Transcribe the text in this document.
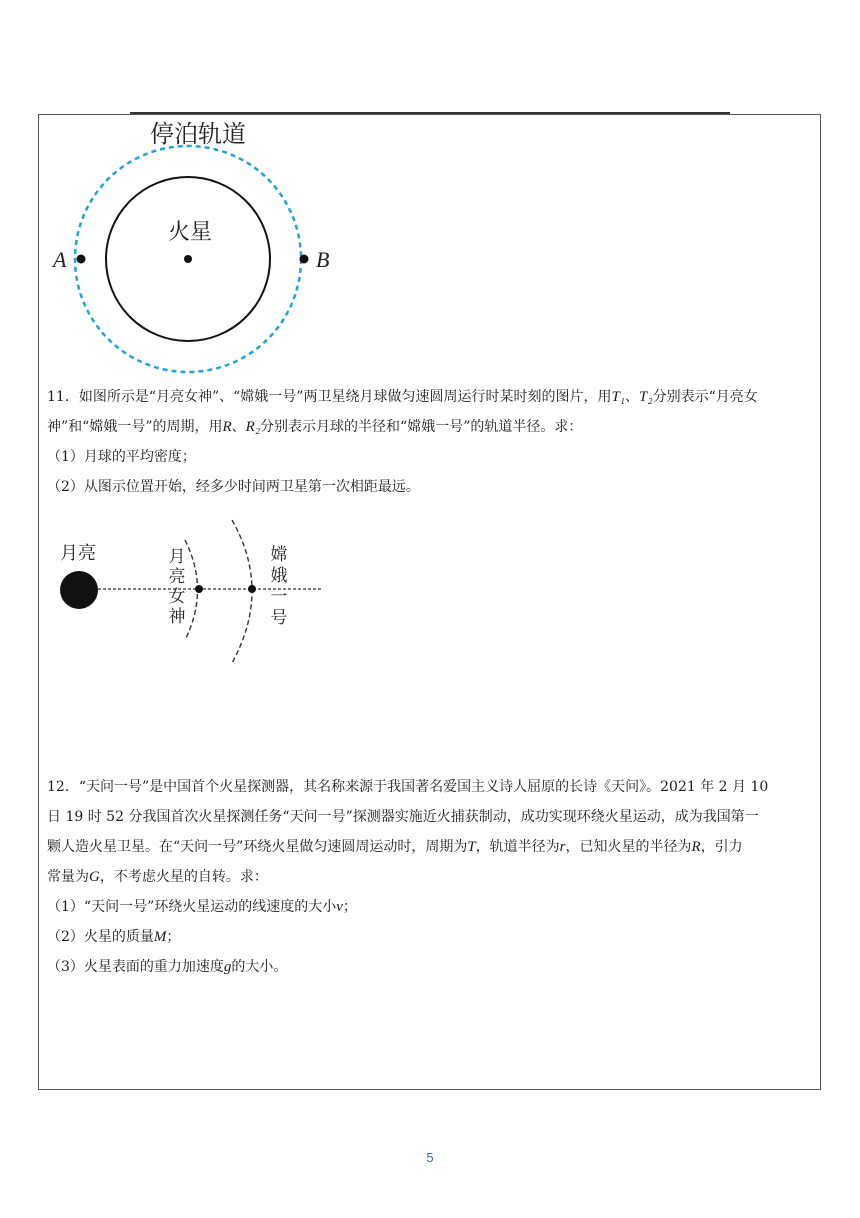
停泊轨道
火星
A	B

11．如图所示是“月亮女神”、“嫦娥一号”两卫星绕月球做匀速圆周运行时某时刻的图片，用T₁、T₂分别表示“月亮女

神”和“嫦娥一号”的周期，用R、R₂分别表示月球的半径和“嫦娥一号”的轨道半径。求：

（1）月球的平均密度；

（2）从图示位置开始，经多少时间两卫星第一次相距最远。

月亮	月
亮
女
神
嫦
娥
一
号

12．“天问一号”是中国首个火星探测器，其名称来源于我国著名爱国主义诗人屈原的长诗《天问》。2021 年 2 月 10

日 19 时 52 分我国首次火星探测任务“天问一号”探测器实施近火捕获制动，成功实现环绕火星运动，成为我国第一

颗人造火星卫星。在“天问一号”环绕火星做匀速圆周运动时，周期为T，轨道半径为r，已知火星的半径为R，引力

常量为G，不考虑火星的自转。求：

（1）“天问一号”环绕火星运动的线速度的大小v；

（2）火星的质量M；

（3）火星表面的重力加速度g的大小。

5
